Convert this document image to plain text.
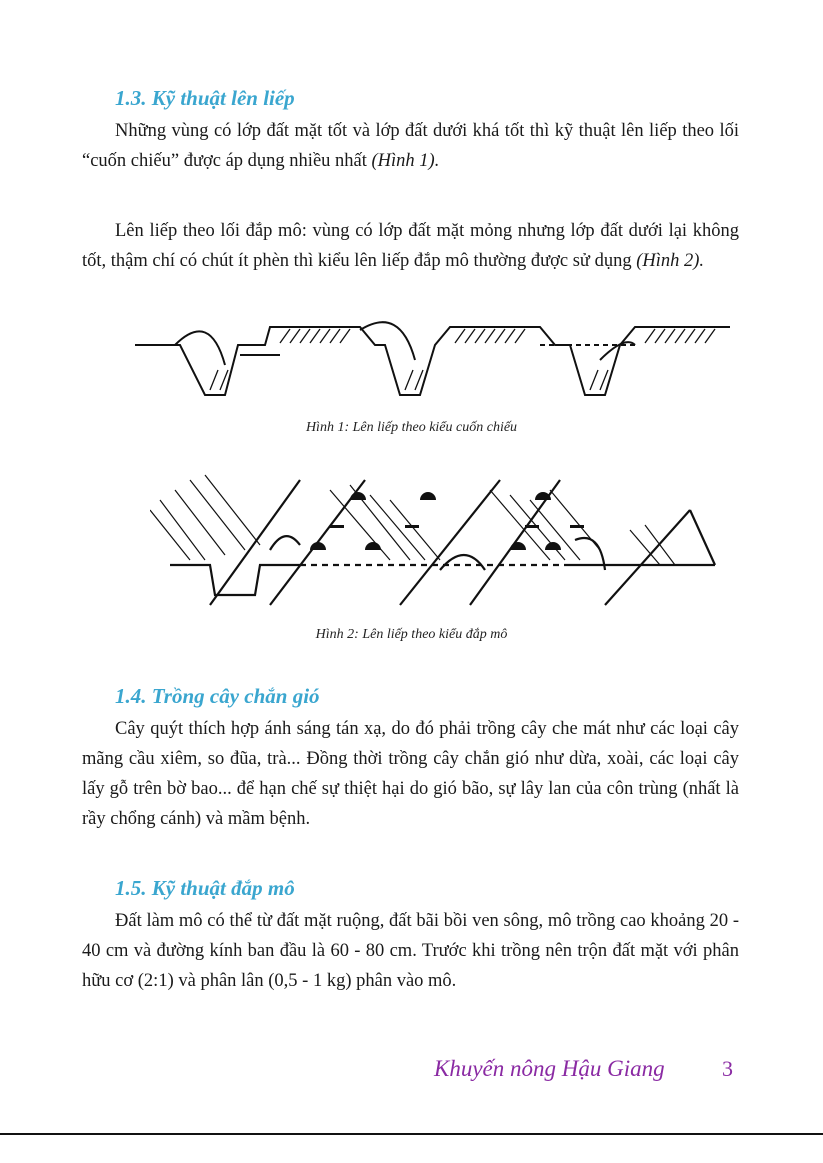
1.3. Kỹ thuật lên liếp

Những vùng có lớp đất mặt tốt và lớp đất dưới khá tốt thì kỹ thuật lên liếp theo lối “cuốn chiếu” được áp dụng nhiều nhất (Hình 1).

Lên liếp theo lối đắp mô: vùng có lớp đất mặt mỏng nhưng lớp đất dưới lại không tốt, thậm chí có chút ít phèn thì kiểu lên liếp đắp mô thường được sử dụng (Hình 2).

Hình 1: Lên liếp theo kiểu cuốn chiếu
Hình 2: Lên liếp theo kiểu đắp mô
1.4. Trồng cây chắn gió

Cây quýt thích hợp ánh sáng tán xạ, do đó phải trồng cây che mát như các loại cây mãng cầu xiêm, so đũa, trà... Đồng thời trồng cây chắn gió như dừa, xoài, các loại cây lấy gỗ trên bờ bao... để hạn chế sự thiệt hại do gió bão, sự lây lan của côn trùng (nhất là rầy chổng cánh) và mầm bệnh.

1.5. Kỹ thuật đắp mô

Đất làm mô có thể từ đất mặt ruộng, đất bãi bồi ven sông, mô trồng cao khoảng 20 - 40 cm và đường kính ban đầu là 60 - 80 cm. Trước khi trồng nên trộn đất mặt với phân hữu cơ (2:1) và phân lân (0,5 - 1 kg) phân vào mô.

Khuyến nông Hậu Giang	3
